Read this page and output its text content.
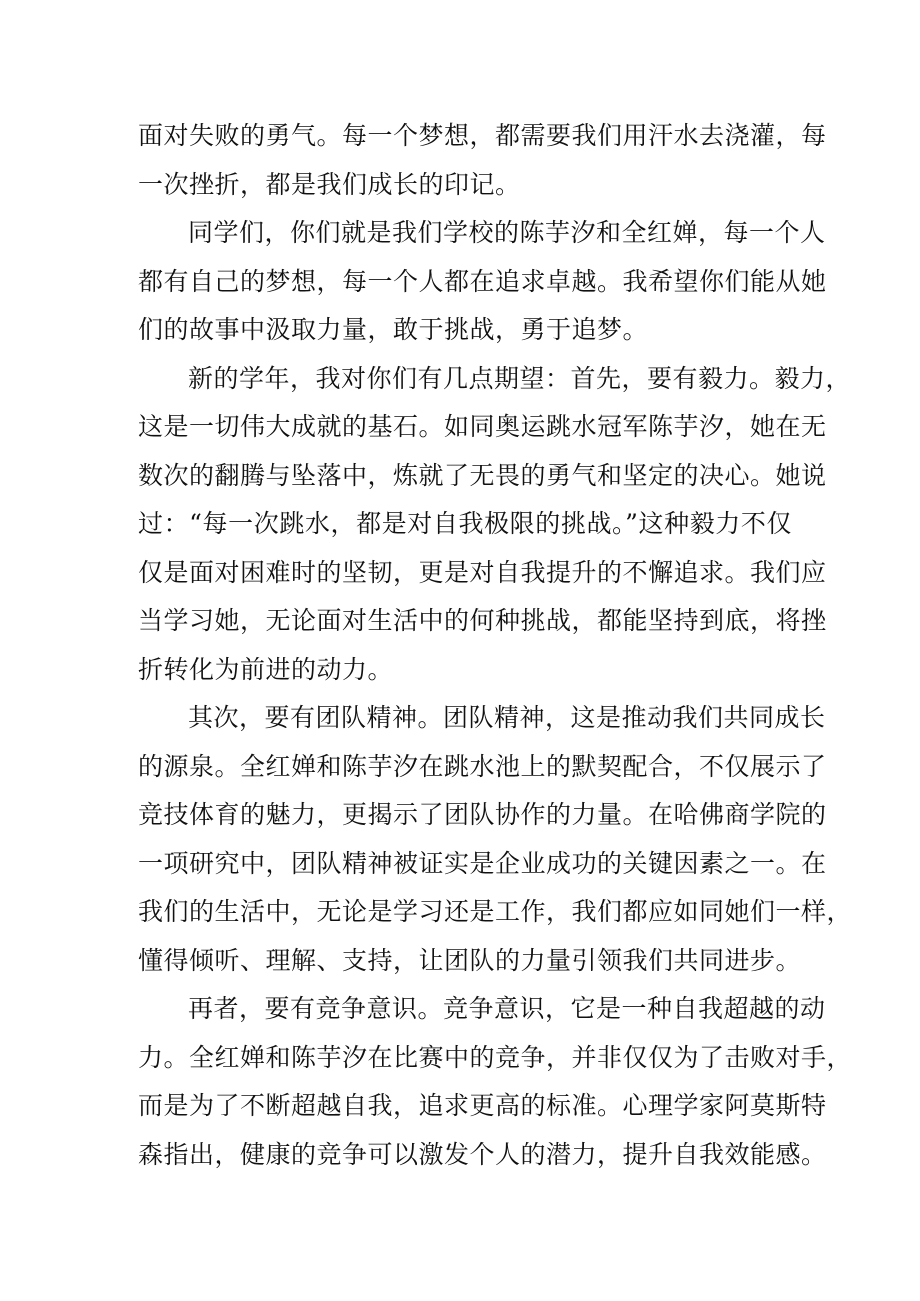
面对失败的勇气。每一个梦想，都需要我们用汗水去浇灌，每
一次挫折，都是我们成长的印记。
同学们，你们就是我们学校的陈芋汐和全红婵，每一个人
都有自己的梦想，每一个人都在追求卓越。我希望你们能从她
们的故事中汲取力量，敢于挑战，勇于追梦。
新的学年，我对你们有几点期望：首先，要有毅力。毅力，
这是一切伟大成就的基石。如同奥运跳水冠军陈芋汐，她在无
数次的翻腾与坠落中，炼就了无畏的勇气和坚定的决心。她说
过：“每一次跳水，都是对自我极限的挑战。”这种毅力不仅
仅是面对困难时的坚韧，更是对自我提升的不懈追求。我们应
当学习她，无论面对生活中的何种挑战，都能坚持到底，将挫
折转化为前进的动力。
其次，要有团队精神。团队精神，这是推动我们共同成长
的源泉。全红婵和陈芋汐在跳水池上的默契配合，不仅展示了
竞技体育的魅力，更揭示了团队协作的力量。在哈佛商学院的
一项研究中，团队精神被证实是企业成功的关键因素之一。在
我们的生活中，无论是学习还是工作，我们都应如同她们一样，
懂得倾听、理解、支持，让团队的力量引领我们共同进步。
再者，要有竞争意识。竞争意识，它是一种自我超越的动
力。全红婵和陈芋汐在比赛中的竞争，并非仅仅为了击败对手，
而是为了不断超越自我，追求更高的标准。心理学家阿莫斯特
森指出，健康的竞争可以激发个人的潜力，提升自我效能感。
